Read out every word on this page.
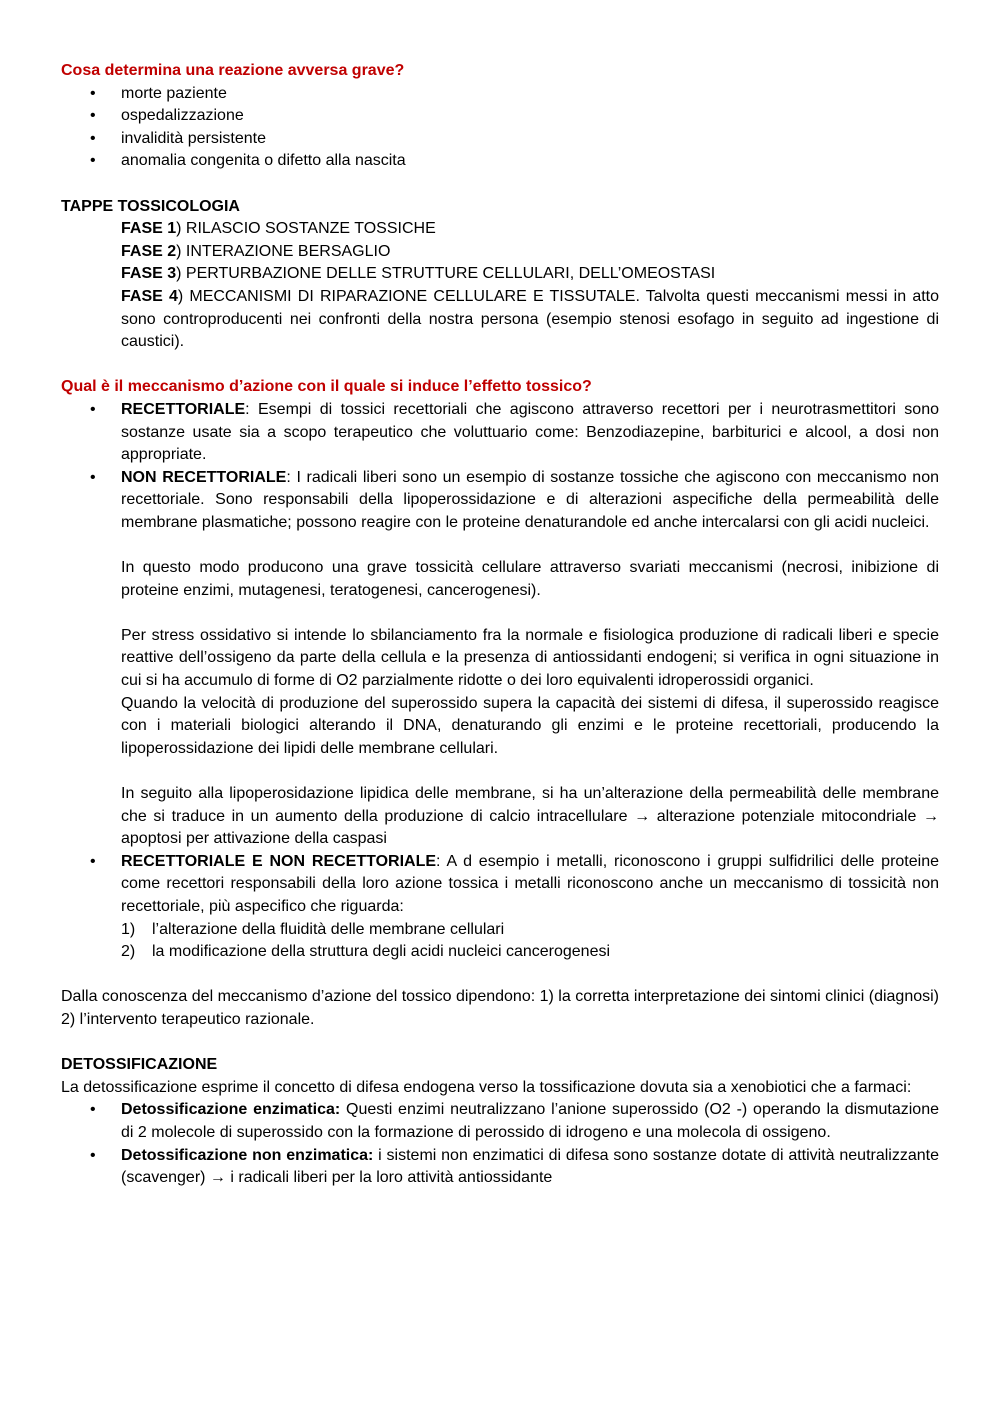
Cosa determina una reazione avversa grave?

• morte paziente
• ospedalizzazione
• invalidità persistente
• anomalia congenita o difetto alla nascita

TAPPE TOSSICOLOGIA

FASE 1) RILASCIO SOSTANZE TOSSICHE

FASE 2) INTERAZIONE BERSAGLIO

FASE 3) PERTURBAZIONE DELLE STRUTTURE CELLULARI, DELL’OMEOSTASI

FASE 4) MECCANISMI DI RIPARAZIONE CELLULARE E TISSUTALE. Talvolta questi meccanismi messi in atto sono controproducenti nei confronti della nostra persona (esempio stenosi esofago in seguito ad ingestione di caustici).

Qual è il meccanismo d’azione con il quale si induce l’effetto tossico?

• RECETTORIALE: Esempi di tossici recettoriali che agiscono attraverso recettori per i neurotrasmettitori sono sostanze usate sia a scopo terapeutico che voluttuario come: Benzodiazepine, barbiturici e alcool, a dosi non appropriate.

• NON RECETTORIALE: I radicali liberi sono un esempio di sostanze tossiche che agiscono con meccanismo non recettoriale. Sono responsabili della lipoperossidazione e di alterazioni aspecifiche della permeabilità delle membrane plasmatiche; possono reagire con le proteine denaturandole ed anche intercalarsi con gli acidi nucleici.

In questo modo producono una grave tossicità cellulare attraverso svariati meccanismi (necrosi, inibizione di proteine enzimi, mutagenesi, teratogenesi, cancerogenesi).

Per stress ossidativo si intende lo sbilanciamento fra la normale e fisiologica produzione di radicali liberi e specie reattive dell’ossigeno da parte della cellula e la presenza di antiossidanti endogeni; si verifica in ogni situazione in cui si ha accumulo di forme di O2 parzialmente ridotte o dei loro equivalenti idroperossidi organici.

Quando la velocità di produzione del superossido supera la capacità dei sistemi di difesa, il superossido reagisce con i materiali biologici alterando il DNA, denaturando gli enzimi e le proteine recettoriali, producendo la lipoperossidazione dei lipidi delle membrane cellulari.

In seguito alla lipoperosidazione lipidica delle membrane, si ha un’alterazione della permeabilità delle membrane che si traduce in un aumento della produzione di calcio intracellulare → alterazione potenziale mitocondriale → apoptosi per attivazione della caspasi

• RECETTORIALE E NON RECETTORIALE: A d esempio i metalli, riconoscono i gruppi sulfidrilici delle proteine come recettori responsabili della loro azione tossica i metalli riconoscono anche un meccanismo di tossicità non recettoriale, più aspecifico che riguarda:

1) l’alterazione della fluidità delle membrane cellulari
2) la modificazione della struttura degli acidi nucleici cancerogenesi

Dalla conoscenza del meccanismo d’azione del tossico dipendono: 1) la corretta interpretazione dei sintomi clinici (diagnosi) 2) l’intervento terapeutico razionale.

DETOSSIFICAZIONE

La detossificazione esprime il concetto di difesa endogena verso la tossificazione dovuta sia a xenobiotici che a farmaci:

• Detossificazione enzimatica: Questi enzimi neutralizzano l’anione superossido (O2 -) operando la dismutazione di 2 molecole di superossido con la formazione di perossido di idrogeno e una molecola di ossigeno.

• Detossificazione non enzimatica: i sistemi non enzimatici di difesa sono sostanze dotate di attività neutralizzante (scavenger) → i radicali liberi per la loro attività antiossidante
